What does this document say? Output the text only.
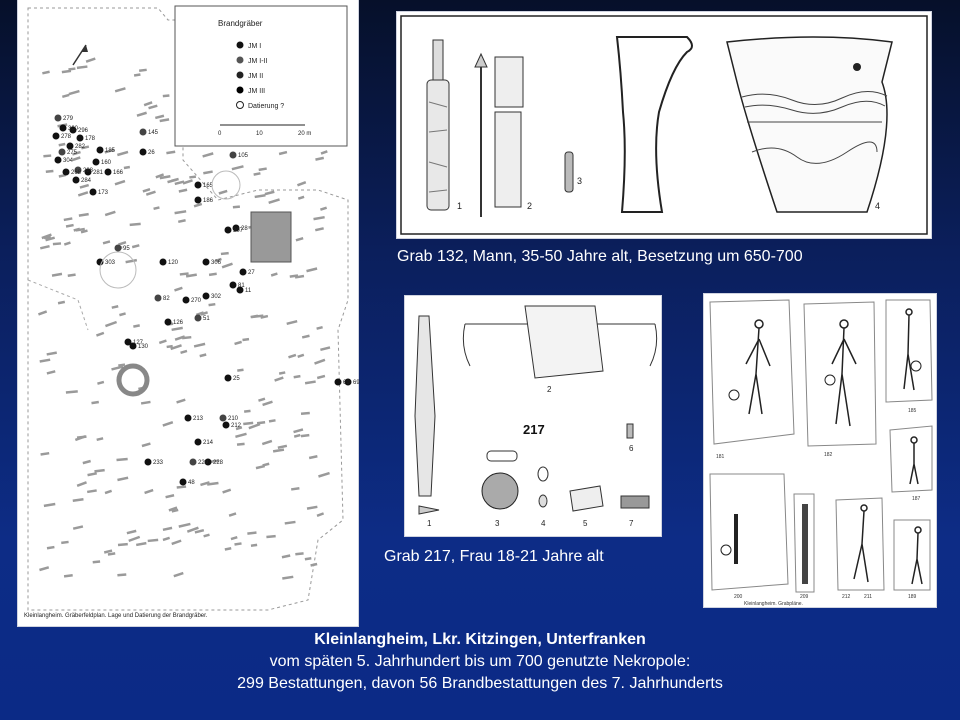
Brandgräber
JM I
JM I-II
JM II
JM III
Datierung ?
0	10	20 m
279
300
278
296
282
275
304
268
284
173
145
26
185
160
166
105
165
186
307
28
95
303	120	306
69
82	270
302
81
126
51
127
130
25
69
210
212
213
214
233	229 228
48
11
27
288 281
178
Kleinlangheim. Gräberfeldplan. Lage und Datierung der Brandgräber.
1	2
3
4
Grab 132, Mann, 35-50 Jahre alt, Besetzung um 650-700
217
1
2
3	4	5
6
7
Grab 217, Frau 18-21 Jahre alt
181	182
185
187
200	209	212	211	189
Kleinlangheim. Grabpläne.
Kleinlangheim, Lkr. Kitzingen, Unterfranken
vom späten 5. Jahrhundert bis um 700 genutzte Nekropole:
299 Bestattungen, davon 56 Brandbestattungen des 7. Jahrhunderts
